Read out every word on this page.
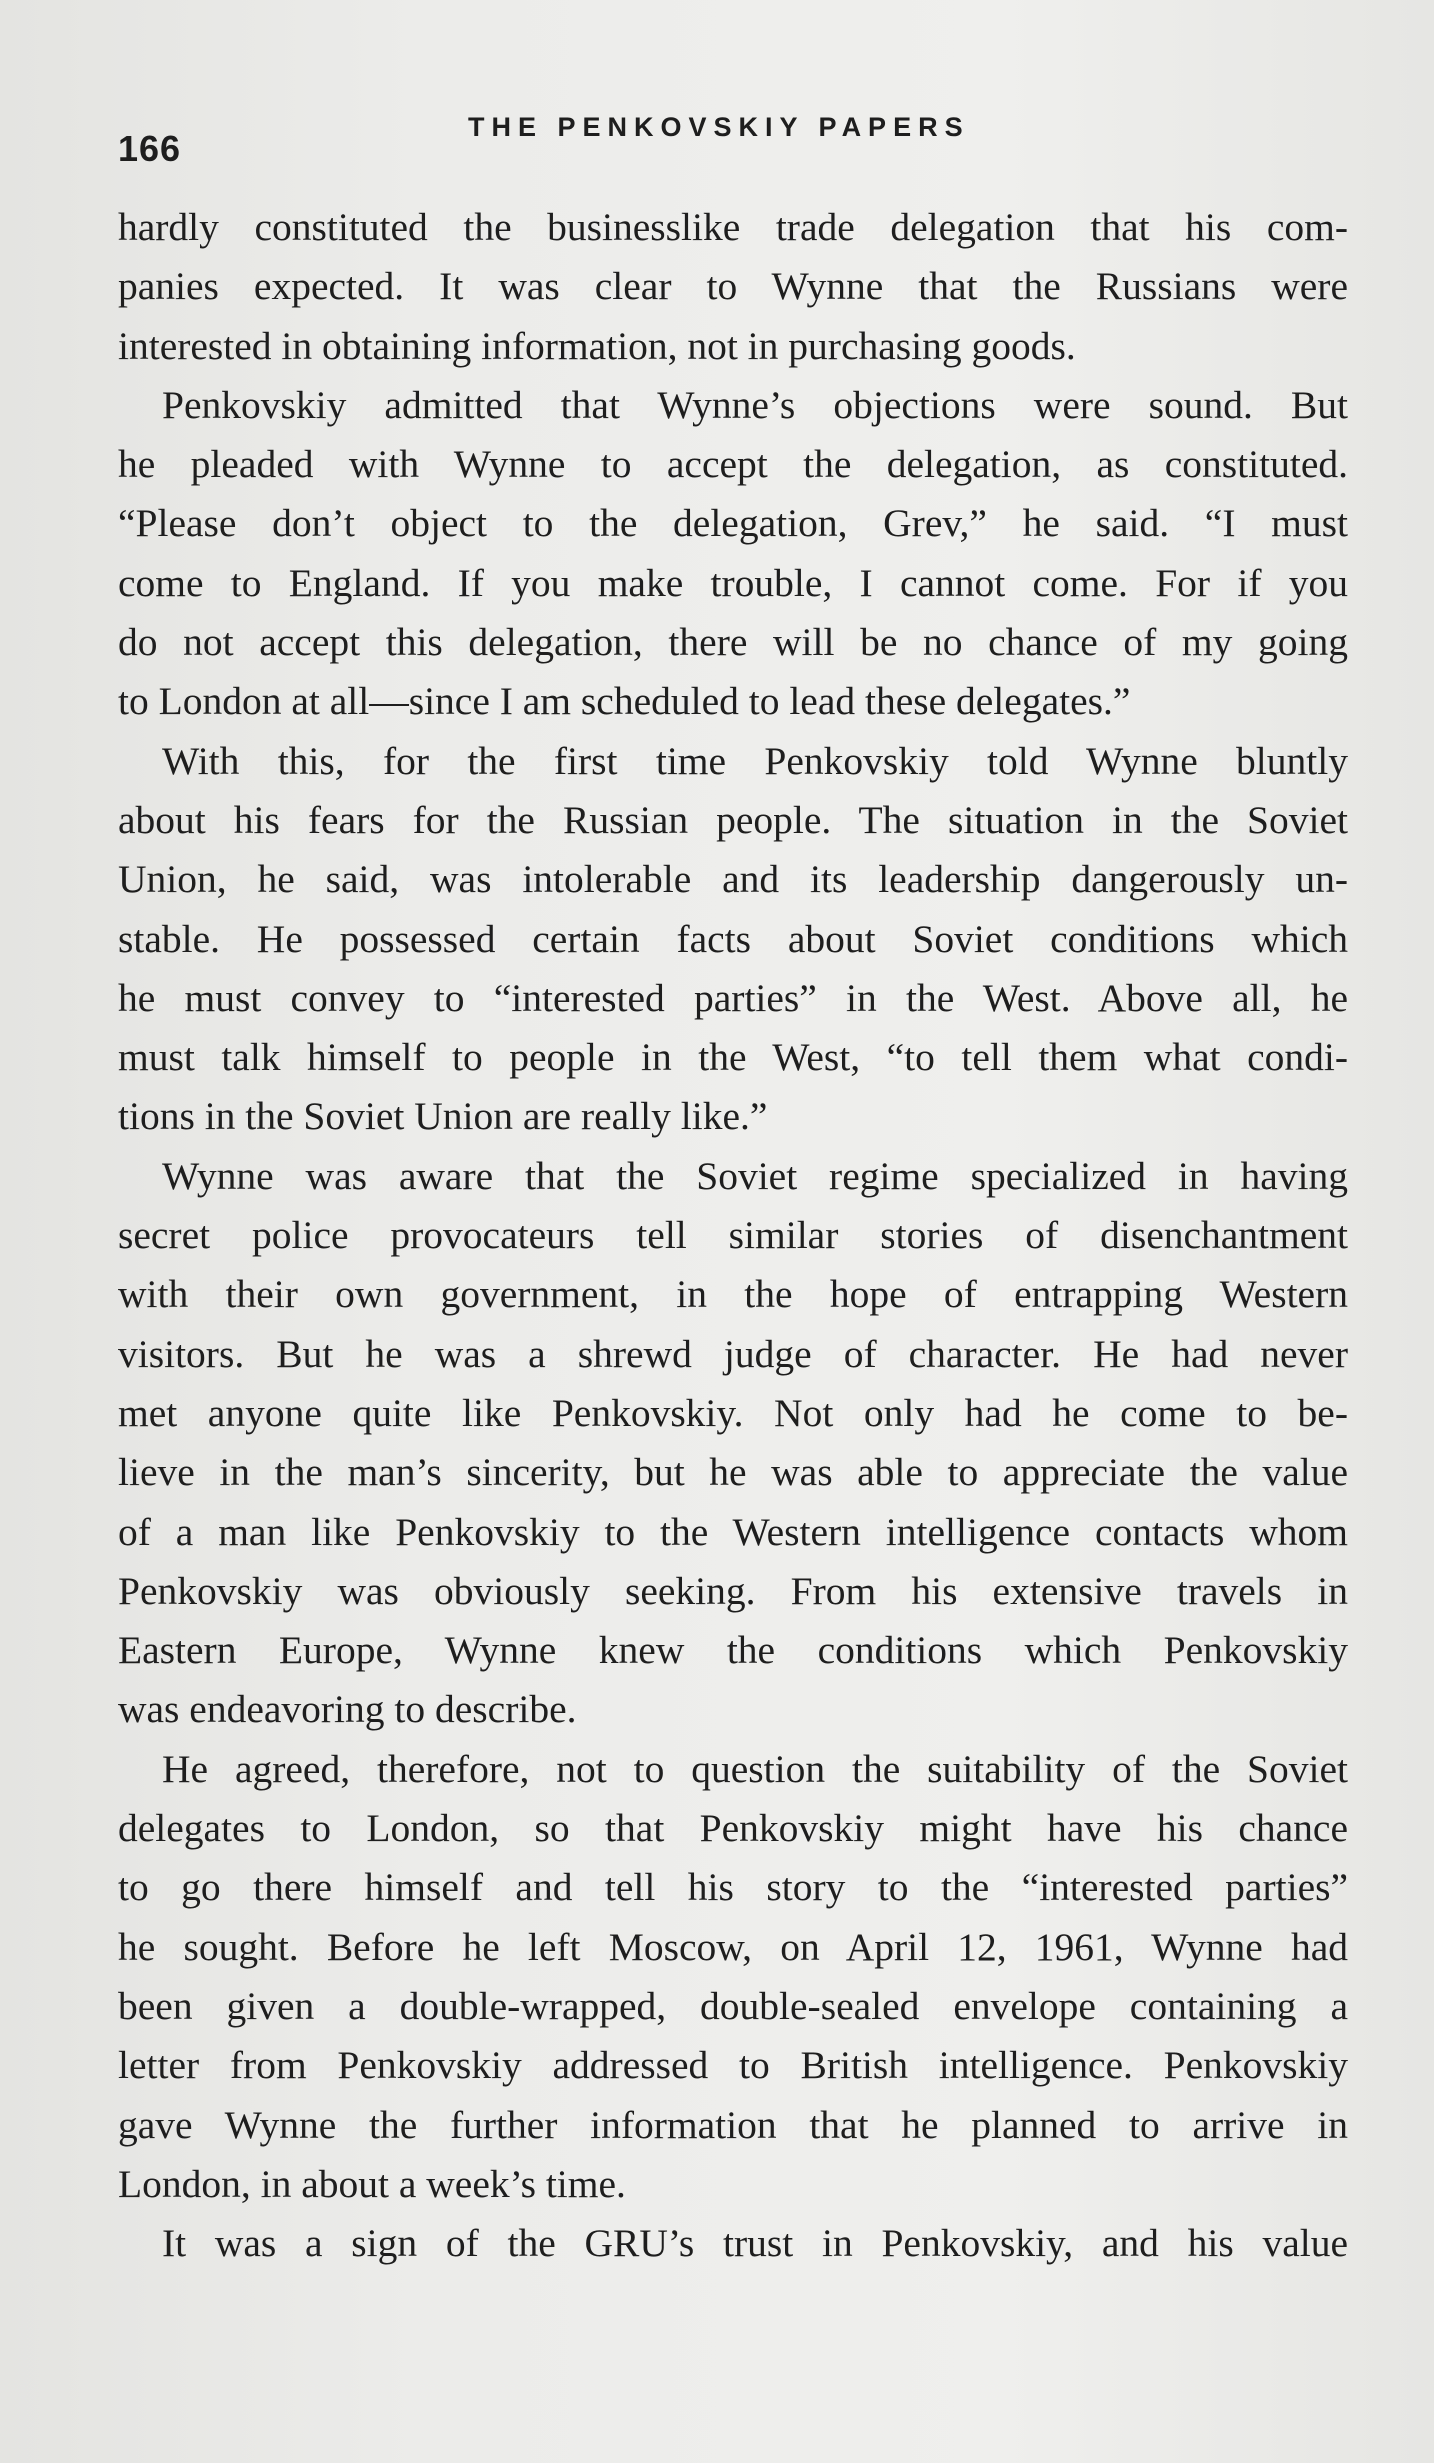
166
THE PENKOVSKIY PAPERS
hardly constituted the businesslike trade delegation that his com-
panies expected. It was clear to Wynne that the Russians were
interested in obtaining information, not in purchasing goods.
Penkovskiy admitted that Wynne’s objections were sound. But
he pleaded with Wynne to accept the delegation, as constituted.
“Please don’t object to the delegation, Grev,” he said. “I must
come to England. If you make trouble, I cannot come. For if you
do not accept this delegation, there will be no chance of my going
to London at all—since I am scheduled to lead these delegates.”
With this, for the first time Penkovskiy told Wynne bluntly
about his fears for the Russian people. The situation in the Soviet
Union, he said, was intolerable and its leadership dangerously un-
stable. He possessed certain facts about Soviet conditions which
he must convey to “interested parties” in the West. Above all, he
must talk himself to people in the West, “to tell them what condi-
tions in the Soviet Union are really like.”
Wynne was aware that the Soviet regime specialized in having
secret police provocateurs tell similar stories of disenchantment
with their own government, in the hope of entrapping Western
visitors. But he was a shrewd judge of character. He had never
met anyone quite like Penkovskiy. Not only had he come to be-
lieve in the man’s sincerity, but he was able to appreciate the value
of a man like Penkovskiy to the Western intelligence contacts whom
Penkovskiy was obviously seeking. From his extensive travels in
Eastern Europe, Wynne knew the conditions which Penkovskiy
was endeavoring to describe.
He agreed, therefore, not to question the suitability of the Soviet
delegates to London, so that Penkovskiy might have his chance
to go there himself and tell his story to the “interested parties”
he sought. Before he left Moscow, on April 12, 1961, Wynne had
been given a double-wrapped, double-sealed envelope containing a
letter from Penkovskiy addressed to British intelligence. Penkovskiy
gave Wynne the further information that he planned to arrive in
London, in about a week’s time.
It was a sign of the GRU’s trust in Penkovskiy, and his value
